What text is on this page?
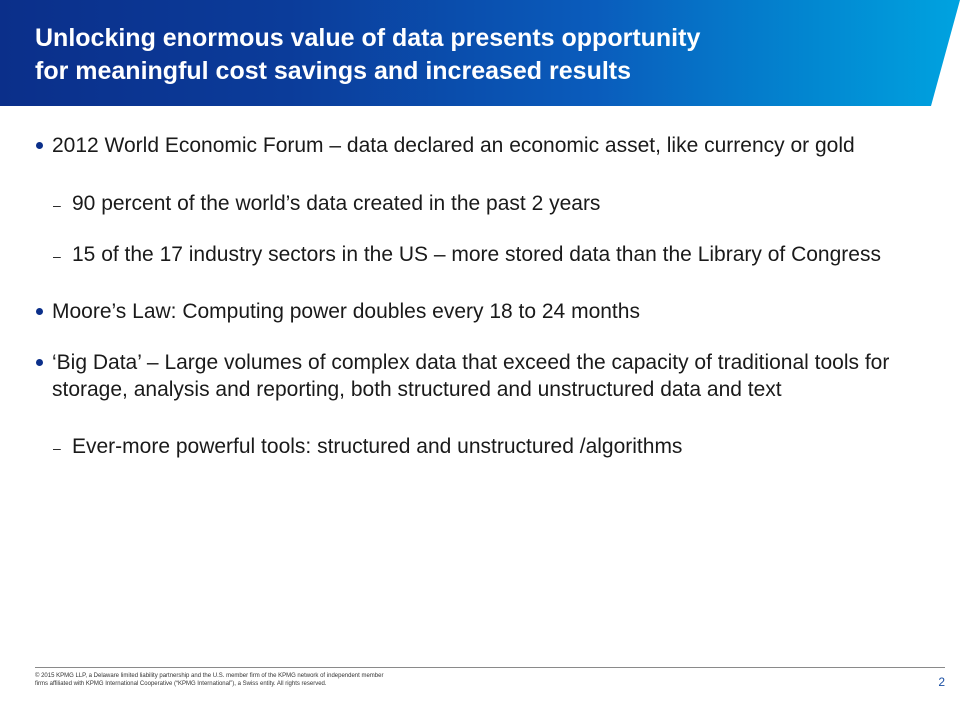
Unlocking enormous value of data presents opportunity
for meaningful cost savings and increased results
2012 World Economic Forum – data declared an economic asset, like currency or gold
– 90 percent of the world’s data created in the past 2 years
– 15 of the 17 industry sectors in the US – more stored data than the Library of Congress
Moore’s Law: Computing power doubles every 18 to 24 months
‘Big Data’ – Large volumes of complex data that exceed the capacity of traditional tools for storage, analysis and reporting, both structured and unstructured data and text
– Ever-more powerful tools: structured and unstructured /algorithms
© 2015 KPMG LLP, a Delaware limited liability partnership and the U.S. member firm of the KPMG network of independent member firms affiliated with KPMG International Cooperative (“KPMG International”), a Swiss entity. All rights reserved.	2
